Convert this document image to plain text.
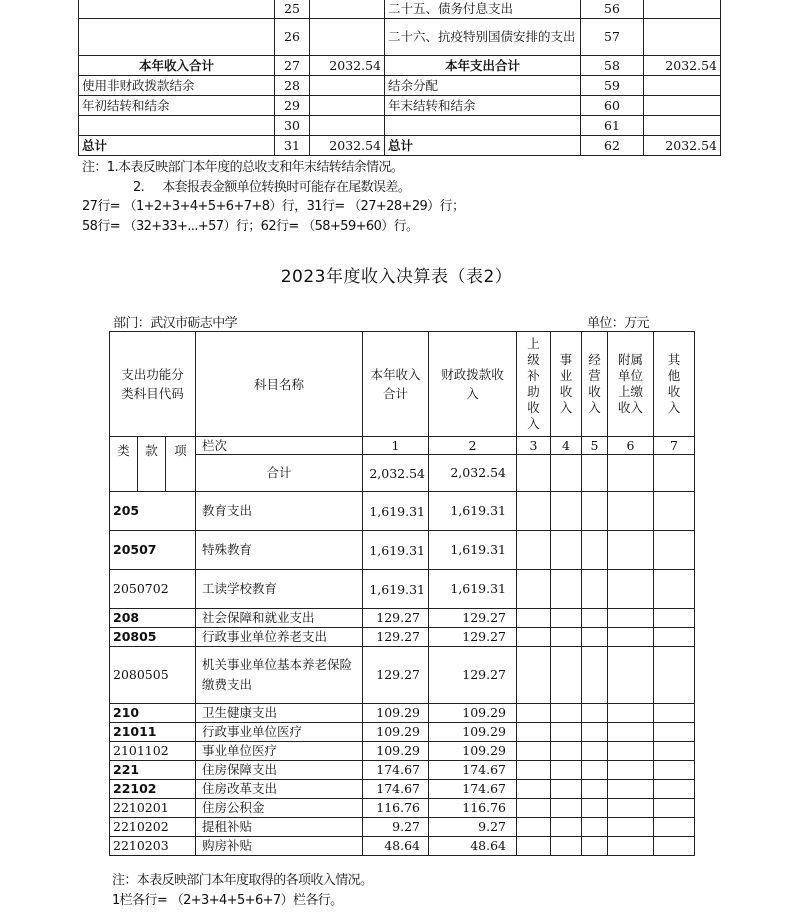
	25		二十五、债务付息支出	56	
	26		二十六、抗疫特别国债安排的支出	57	
本年收入合计	27	2032.54	本年支出合计	58	2032.54
使用非财政拨款结余	28		结余分配	59	
年初结转和结余	29		年末结转和结余	60	
	30			61	
总计	31	2032.54	总计	62	2032.54
注：1.本表反映部门本年度的总收支和年末结转结余情况。
2. 本套报表金额单位转换时可能存在尾数误差。
27行= （1+2+3+4+5+6+7+8）行，31行= （27+28+29）行；
58行= （32+33+...+57）行；62行= （58+59+60）行。
2023年度收入决算表（表2）
部门：武汉市砺志中学	单位：万元
支出功能分类科目代码			科目名称	本年收入合计	财政拨款收入	上级补助收入	事业收入	经营收入	附属单位上缴收入	其他收入
类	款	项	栏次	1	2	3	4	5	6	7
			合计	2,032.54	2,032.54					
205			教育支出	1,619.31	1,619.31					
20507			特殊教育	1,619.31	1,619.31					
2050702			工读学校教育	1,619.31	1,619.31					
208			社会保障和就业支出	129.27	129.27					
20805			行政事业单位养老支出	129.27	129.27					
2080505			机关事业单位基本养老保险缴费支出	129.27	129.27					
210			卫生健康支出	109.29	109.29					
21011			行政事业单位医疗	109.29	109.29					
2101102			事业单位医疗	109.29	109.29					
221			住房保障支出	174.67	174.67					
22102			住房改革支出	174.67	174.67					
2210201			住房公积金	116.76	116.76					
2210202			提租补贴	9.27	9.27					
2210203			购房补贴	48.64	48.64					
注：本表反映部门本年度取得的各项收入情况。
1栏各行= （2+3+4+5+6+7）栏各行。
